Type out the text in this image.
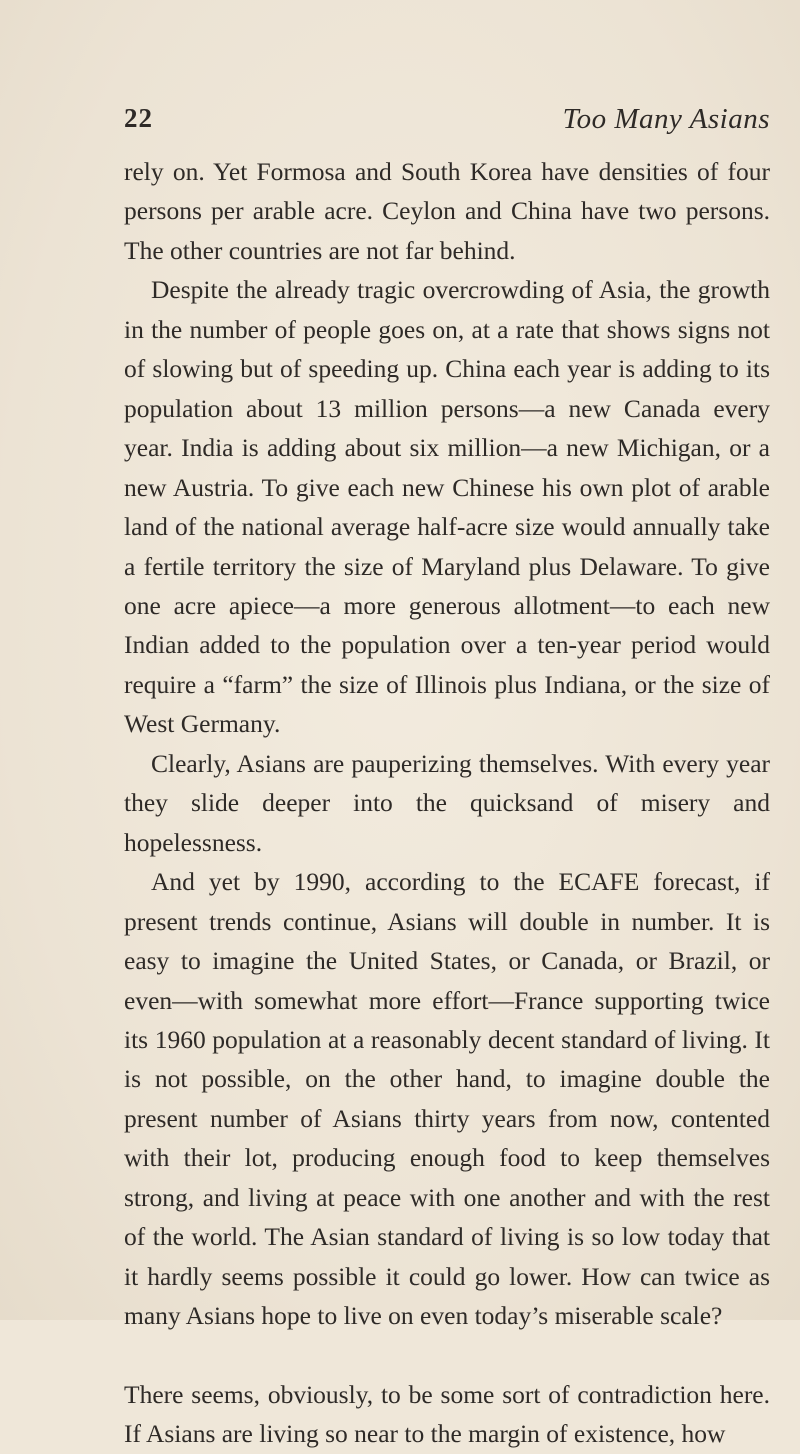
22	Too Many Asians

rely on. Yet Formosa and South Korea have densities of four persons per arable acre. Ceylon and China have two persons. The other countries are not far behind.

Despite the already tragic overcrowding of Asia, the growth in the number of people goes on, at a rate that shows signs not of slowing but of speeding up. China each year is adding to its population about 13 million persons—a new Canada every year. India is adding about six million—a new Michigan, or a new Austria. To give each new Chinese his own plot of arable land of the national average half-acre size would annually take a fertile territory the size of Maryland plus Delaware. To give one acre apiece—a more generous allotment—to each new Indian added to the population over a ten-year period would require a “farm” the size of Illinois plus Indiana, or the size of West Germany.

Clearly, Asians are pauperizing themselves. With every year they slide deeper into the quicksand of misery and hopelessness.

And yet by 1990, according to the ECAFE forecast, if present trends continue, Asians will double in number. It is easy to imagine the United States, or Canada, or Brazil, or even—with somewhat more effort—France supporting twice its 1960 population at a reasonably decent standard of living. It is not possible, on the other hand, to imagine double the present number of Asians thirty years from now, contented with their lot, producing enough food to keep themselves strong, and living at peace with one another and with the rest of the world. The Asian standard of living is so low today that it hardly seems possible it could go lower. How can twice as many Asians hope to live on even today’s miserable scale?

There seems, obviously, to be some sort of contradiction here. If Asians are living so near to the margin of existence, how
